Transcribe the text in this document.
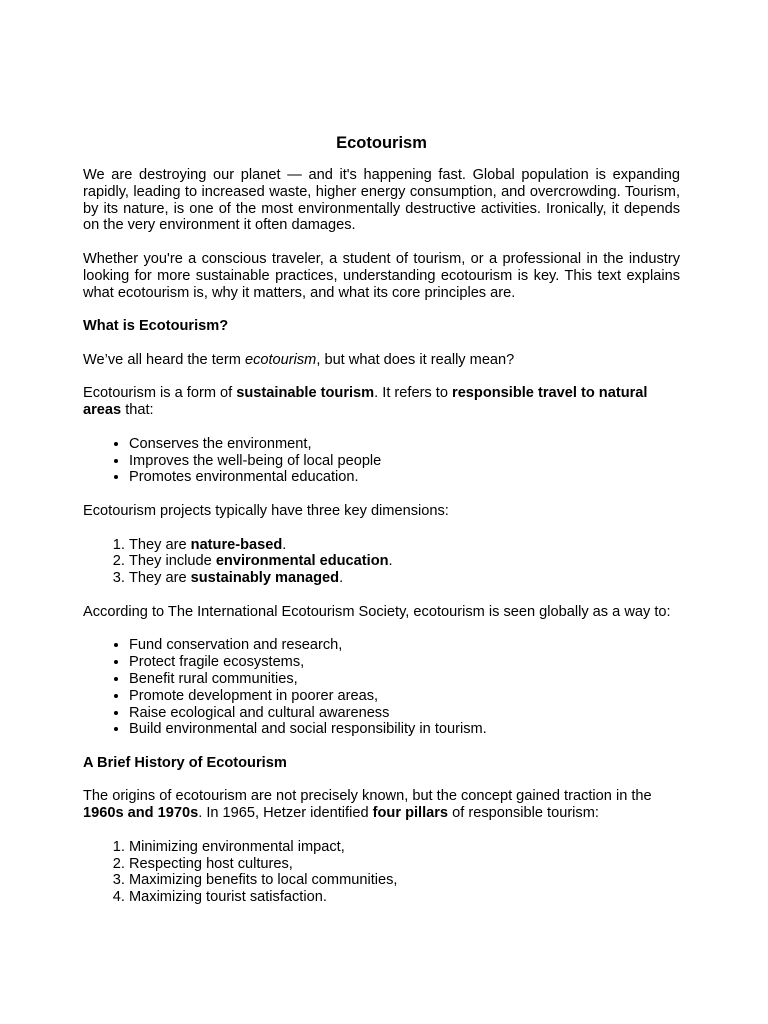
Ecotourism

We are destroying our planet — and it's happening fast. Global population is expanding rapidly, leading to increased waste, higher energy consumption, and overcrowding. Tourism, by its nature, is one of the most environmentally destructive activities. Ironically, it depends on the very environment it often damages.

Whether you're a conscious traveler, a student of tourism, or a professional in the industry looking for more sustainable practices, understanding ecotourism is key. This text explains what ecotourism is, why it matters, and what its core principles are.

What is Ecotourism?

We’ve all heard the term ecotourism, but what does it really mean?

Ecotourism is a form of sustainable tourism. It refers to responsible travel to natural areas that:

• Conserves the environment,
• Improves the well-being of local people
• Promotes environmental education.

Ecotourism projects typically have three key dimensions:

1. They are nature-based.
2. They include environmental education.
3. They are sustainably managed.

According to The International Ecotourism Society, ecotourism is seen globally as a way to:

• Fund conservation and research,
• Protect fragile ecosystems,
• Benefit rural communities,
• Promote development in poorer areas,
• Raise ecological and cultural awareness
• Build environmental and social responsibility in tourism.
A Brief History of Ecotourism

The origins of ecotourism are not precisely known, but the concept gained traction in the 1960s and 1970s. In 1965, Hetzer identified four pillars of responsible tourism:

1. Minimizing environmental impact,
2. Respecting host cultures,
3. Maximizing benefits to local communities,
4. Maximizing tourist satisfaction.
